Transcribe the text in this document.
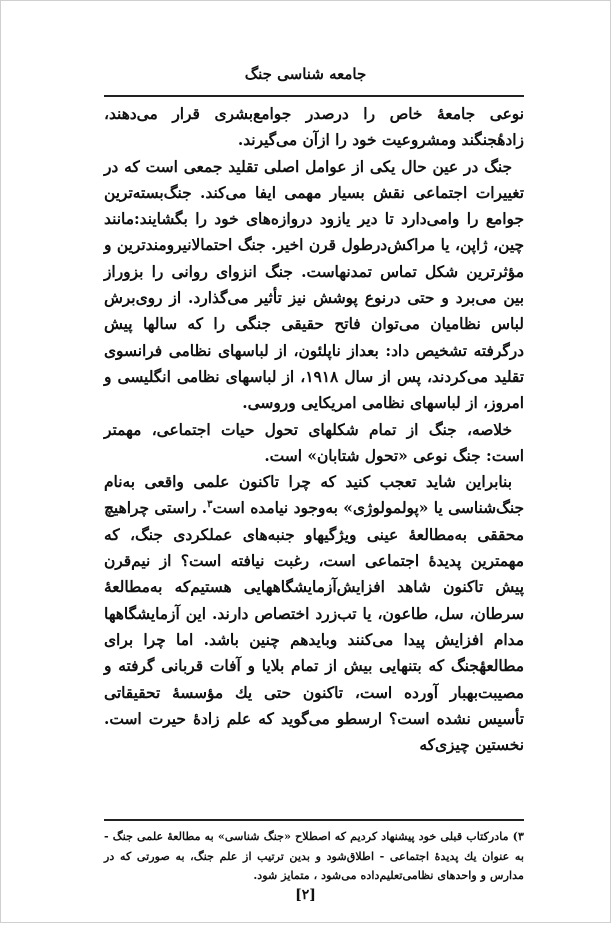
جامعه شناسی جنگ

نوعی جامعهٔ خاص را درصدر جوامع‌بشری قرار می‌دهند، زادهٔجنگند ومشروعیت خود را ازآن می‌گیرند.

جنگ در عین حال یکی از عوامل اصلی تقلید جمعی است که در تغییرات اجتماعی نقش بسیار مهمی ایفا می‌کند. جنگ‌بسته‌ترین جوامع را وامی‌دارد تا دیر یازود دروازه‌های خود را بگشایند:مانند چین، ژاپن، یا مراکش‌درطول قرن اخیر. جنگ احتمالانیرومندترین و مؤثرترین شکل تماس تمدنهاست. جنگ انزوای روانی را بزوراز بین می‌برد و حتی درنوع پوشش نیز تأثیر می‌گذارد. از روی‌برش لباس نظامیان می‌توان فاتح حقیقی جنگی را که سالها پیش درگرفته تشخیص داد: بعداز ناپلئون، از لباسهای نظامی فرانسوی تقلید می‌کردند، پس از سال ۱۹۱۸، از لباسهای نظامی انگلیسی و امروز، از لباسهای نظامی امریکایی وروسی.

خلاصه، جنگ از تمام شکلهای تحول حیات اجتماعی، مهمتر است: جنگ نوعی «تحول شتابان» است.

بنابراین شاید تعجب کنید که چرا تاکنون علمی واقعی به‌نام جنگ‌شناسی یا «پولمولوژی» به‌وجود نیامده است$^۳$. راستی چراهیچ محققی به‌مطالعهٔ عینی ویژگیهاو جنبه‌های عملکردی جنگ، که مهمترین پدیدهٔ اجتماعی است، رغبت نیافته است؟ از نیم‌قرن پیش تاکنون شاهد افزایش‌آزمایشگاههایی هستیم‌که به‌مطالعهٔ سرطان، سل، طاعون، یا تب‌زرد اختصاص دارند. این آزمایشگاهها مدام افزایش پیدا می‌کنند وبایدهم چنین باشد. اما چرا برای مطالعهٔجنگ که بتنهایی بیش از تمام بلایا و آفات قربانی گرفته و مصیبت‌بهبار آورده است، تاکنون حتی یك مؤسسهٔ تحقیقاتی تأسیس نشده است؟ ارسطو می‌گوید که علم زادهٔ حیرت است. نخستین چیزی‌که

۳) مادرکتاب قبلی خود پیشنهاد کردیم که اصطلاح «جنگ شناسی» به مطالعهٔ علمی جنگ - به عنوان یك پدیدهٔ اجتماعی - اطلاق‌شود و بدین ترتیب از علم جنگ، به صورتی که در مدارس و واحدهای نظامی‌تعلیم‌داده می‌شود ، متمایز شود.

[۲]
